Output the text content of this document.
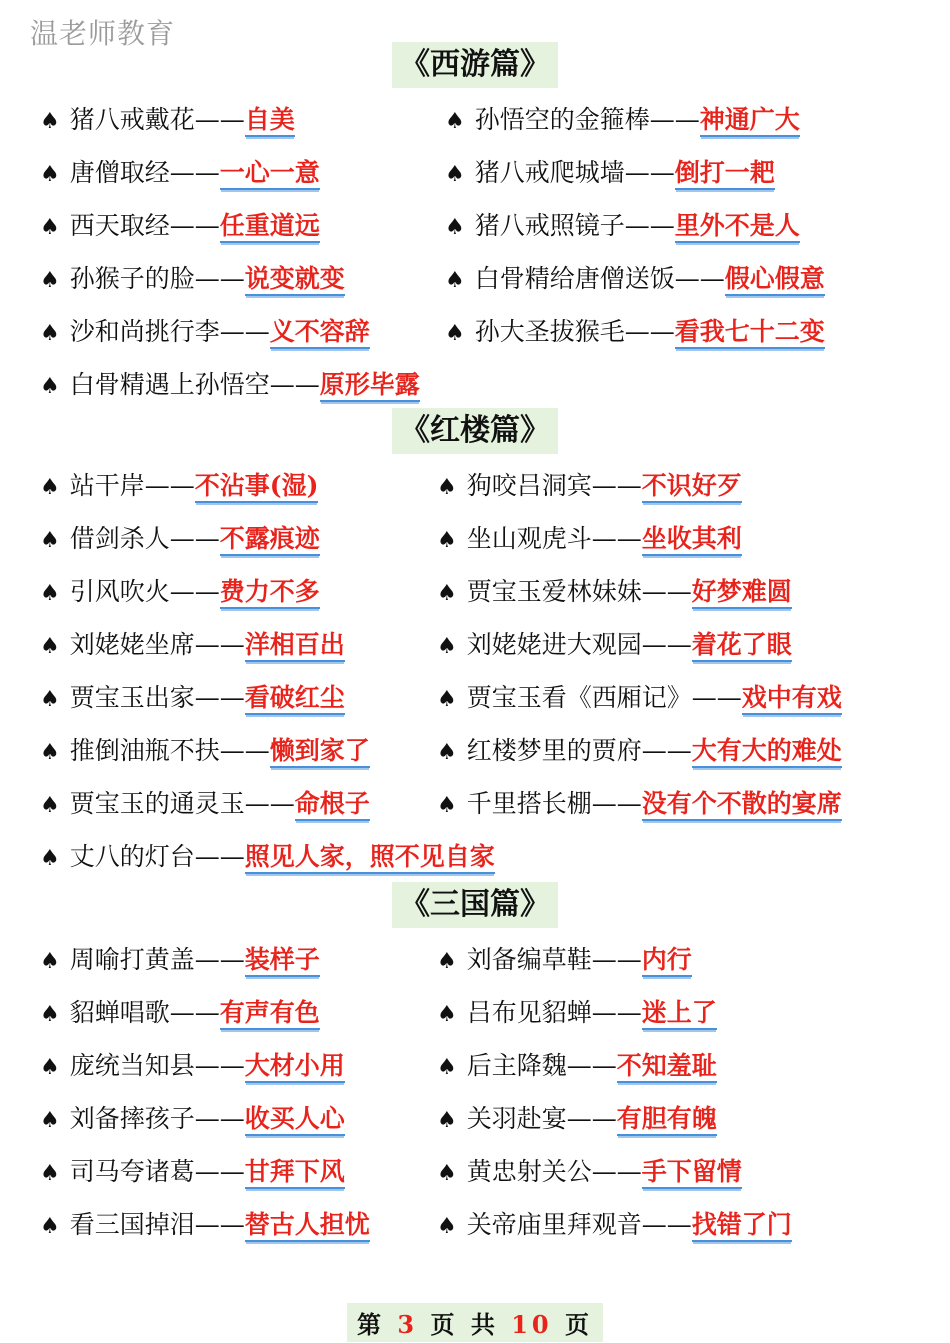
温老师教育
《西游篇》
♠ 猪八戒戴花——自美	♠ 孙悟空的金箍棒——神通广大
♠ 唐僧取经——一心一意	♠ 猪八戒爬城墙——倒打一耙
♠ 西天取经——任重道远	♠ 猪八戒照镜子——里外不是人
♠ 孙猴子的脸——说变就变	♠ 白骨精给唐僧送饭——假心假意
♠ 沙和尚挑行李——义不容辞	♠ 孙大圣拔猴毛——看我七十二变
♠ 白骨精遇上孙悟空——原形毕露
《红楼篇》
♠ 站干岸——不沾事(湿)	♠ 狗咬吕洞宾——不识好歹
♠ 借剑杀人——不露痕迹	♠ 坐山观虎斗——坐收其利
♠ 引风吹火——费力不多	♠ 贾宝玉爱林妹妹——好梦难圆
♠ 刘姥姥坐席——洋相百出	♠ 刘姥姥进大观园——着花了眼
♠ 贾宝玉出家——看破红尘	♠ 贾宝玉看《西厢记》——戏中有戏
♠ 推倒油瓶不扶——懒到家了	♠ 红楼梦里的贾府——大有大的难处
♠ 贾宝玉的通灵玉——命根子	♠ 千里搭长棚——没有个不散的宴席
♠ 丈八的灯台——照见人家，照不见自家
《三国篇》
♠ 周喻打黄盖——装样子	♠ 刘备编草鞋——内行
♠ 貂蝉唱歌——有声有色	♠ 吕布见貂蝉——迷上了
♠ 庞统当知县——大材小用	♠ 后主降魏——不知羞耻
♠ 刘备摔孩子——收买人心	♠ 关羽赴宴——有胆有魄
♠ 司马夸诸葛——甘拜下风	♠ 黄忠射关公——手下留情
♠ 看三国掉泪——替古人担忧	♠ 关帝庙里拜观音——找错了门
第 3 页 共 10 页
